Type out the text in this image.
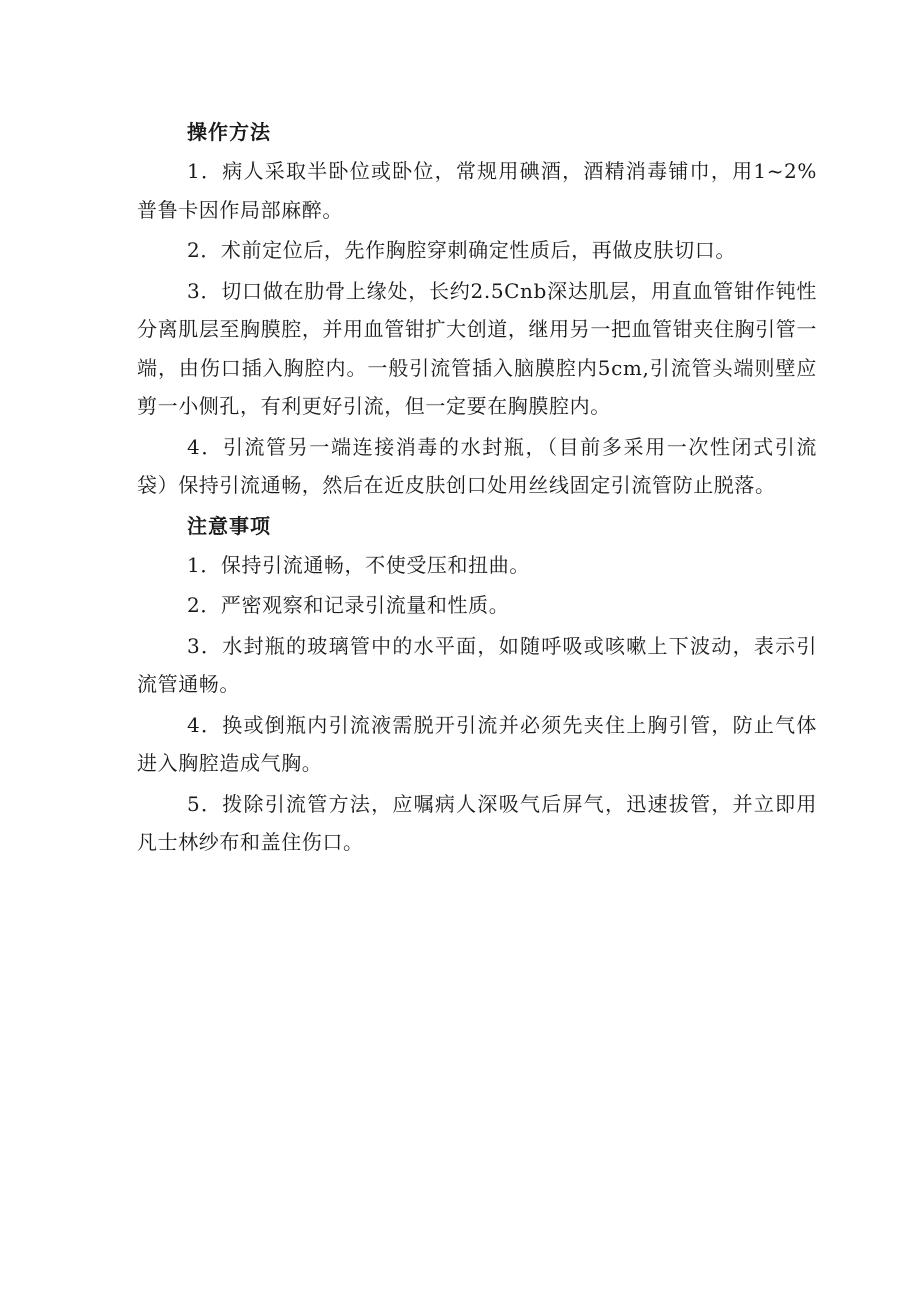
操作方法

1．病人采取半卧位或卧位，常规用碘酒，酒精消毒铺巾，用1~2%普鲁卡因作局部麻醉。

2．术前定位后，先作胸腔穿刺确定性质后，再做皮肤切口。

3．切口做在肋骨上缘处，长约2.5Cnb深达肌层，用直血管钳作钝性分离肌层至胸膜腔，并用血管钳扩大创道，继用另一把血管钳夹住胸引管一端，由伤口插入胸腔内。一般引流管插入脑膜腔内5cm,引流管头端则壁应剪一小侧孔，有利更好引流，但一定要在胸膜腔内。

4．引流管另一端连接消毒的水封瓶，（目前多采用一次性闭式引流袋）保持引流通畅，然后在近皮肤创口处用丝线固定引流管防止脱落。

注意事项

1．保持引流通畅，不使受压和扭曲。

2．严密观察和记录引流量和性质。

3．水封瓶的玻璃管中的水平面，如随呼吸或咳嗽上下波动，表示引流管通畅。

4．换或倒瓶内引流液需脱开引流并必须先夹住上胸引管，防止气体进入胸腔造成气胸。

5．拨除引流管方法，应嘱病人深吸气后屏气，迅速拔管，并立即用凡士林纱布和盖住伤口。
